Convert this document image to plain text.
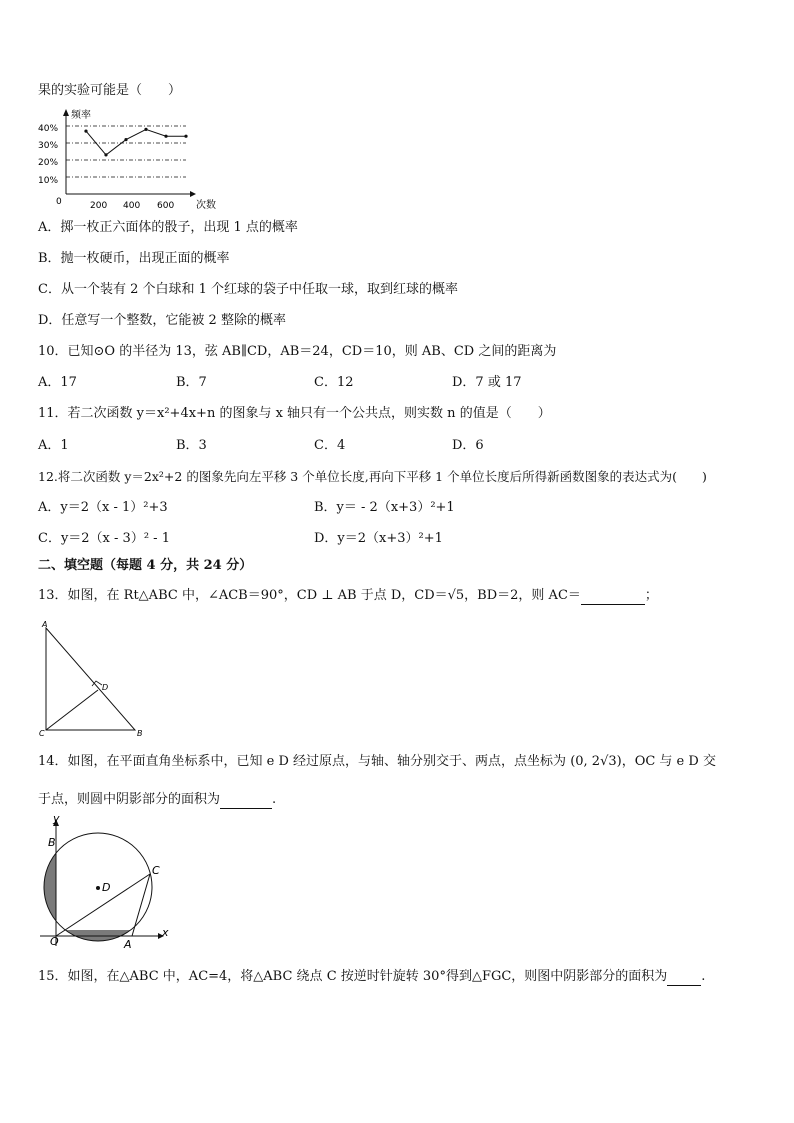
果的实验可能是（　　）
频率
次数
0
40%
30%
20%
10%
200 400 600
A．掷一枚正六面体的骰子，出现 1 点的概率
B．抛一枚硬币，出现正面的概率
C．从一个装有 2 个白球和 1 个红球的袋子中任取一球，取到红球的概率
D．任意写一个整数，它能被 2 整除的概率
10．已知⊙O 的半径为 13，弦 AB∥CD，AB＝24，CD＝10，则 AB、CD 之间的距离为
A．17	B．7	C．12	D．7 或 17
11．若二次函数 y＝x²+4x+n 的图象与 x 轴只有一个公共点，则实数 n 的值是（　　）
A．1	B．3	C．4	D．6
12.将二次函数 y＝2x²+2 的图象先向左平移 3 个单位长度,再向下平移 1 个单位长度后所得新函数图象的表达式为(　　)
A．y＝2（x - 1）²+3	B．y＝ - 2（x+3）²+1
C．y＝2（x - 3）² - 1	D．y＝2（x+3）²+1
二、填空题（每题 4 分，共 24 分）
13．如图，在 Rt△ABC 中，∠ACB＝90°，CD ⊥ AB 于点 D，CD＝√5，BD＝2，则 AC＝	；
A
D
C	B
14．如图，在平面直角坐标系中，已知 e D 经过原点，与轴、轴分别交于、两点，点坐标为 (0, 2√3)，OC 与 e D 交
于点，则圆中阴影部分的面积为	.
y
x
B
C
D
O	A
15．如图，在△ABC 中，AC=4，将△ABC 绕点 C 按逆时针旋转 30°得到△FGC，则图中阴影部分的面积为	.
